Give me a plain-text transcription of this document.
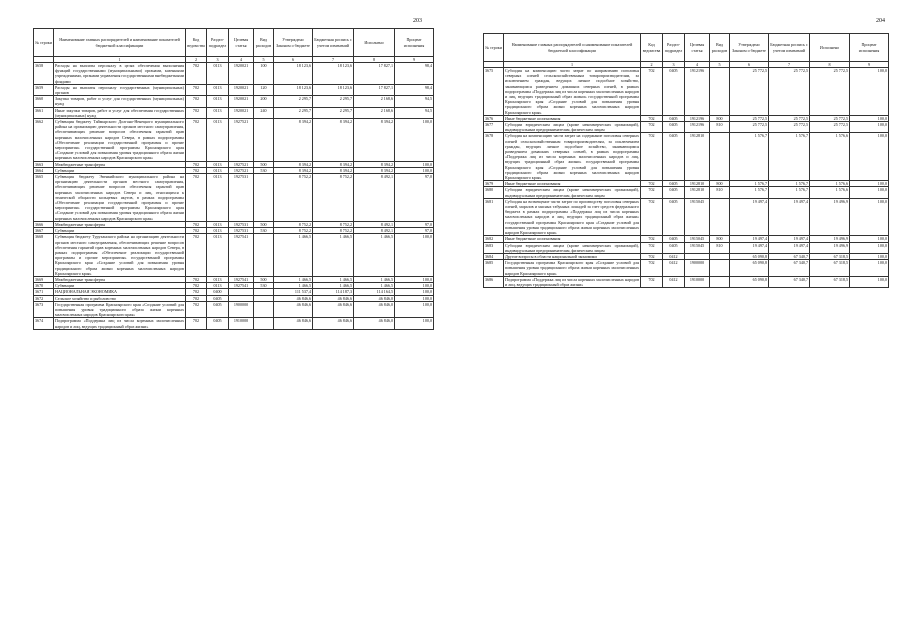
203
№ строки	Наименование главных распорядителей и наименование показателей бюджетной классификации	Код ведомства	Раздел-подраздел	Целевая статья	Вид расходов	Утверждено Законом о бюджете	Бюджетная роспись с учетом изменений	Исполнено	Процент исполнения
	1	2	3	4	5	6	7	8	9
3658	Расходы на выплаты персоналу в целях обеспечения выполнения функций государственными (муниципальными) органами, казенными учреждениями, органами управления государственными внебюджетными фондами	702	0113	1920021	100	18 123,6	18 123,6	17 827,1	98,4
3659	Расходы на выплаты персоналу государственных (муниципальных) органов	702	0113	1920021	120	18 123,6	18 123,6	17 827,1	98,4
3660	Закупка товаров, работ и услуг для государственных (муниципальных) нужд	702	0113	1920021	200	2 295,7	2 295,7	2 168,6	94,5
3661	Иные закупки товаров, работ и услуг для обеспечения государственных (муниципальных) нужд	702	0113	1920021	240	2 295,7	2 295,7	2 168,6	94,5
3662	Субвенция бюджету Таймырского Долгано-Ненецкого муниципального района на организацию деятельности органов местного самоуправления, обеспечивающих решение вопросов обеспечения гарантий прав коренных малочисленных народов Севера, в рамках подпрограммы «Обеспечение реализации государственной программы и прочие мероприятия» государственной программы Красноярского края «Создание условий для повышения уровня традиционного образа жизни коренных малочисленных народов Красноярского края»	702	0113	1927521		8 394,2	8 394,2	8 394,2	100,0
3663	Межбюджетные трансферты	702	0113	1927521	500	8 394,2	8 394,2	8 394,2	100,0
3664	Субвенции	702	0113	1927521	530	8 394,2	8 394,2	8 394,2	100,0
3665	Субвенция бюджету Эвенкийского муниципального района на организацию деятельности органов местного самоуправления, обеспечивающих решение вопросов обеспечения гарантий прав коренных малочисленных народов Севера и лиц, относящихся к этнической общности кольцевых якутов, в рамках подпрограммы «Обеспечение реализации государственной программы и прочие мероприятия» государственной программы Красноярского края «Создание условий для повышения уровня традиционного образа жизни коренных малочисленных народов Красноярского края»	702	0113	1927531		8 752,2	8 752,2	8 492,1	97,0
3666	Межбюджетные трансферты	702	0113	1927531	500	8 752,2	8 752,2	8 492,1	97,0
3667	Субвенции	702	0113	1927531	530	8 752,2	8 752,2	8 492,1	97,0
3668	Субвенция бюджету Туруханского района на организацию деятельности органов местного самоуправления, обеспечивающих решение вопросов обеспечения гарантий прав коренных малочисленных народов Севера, в рамках подпрограммы «Обеспечение реализации государственной программы и прочие мероприятия» государственной программы Красноярского края «Создание условий для повышения уровня традиционного образа жизни коренных малочисленных народов Красноярского края»	702	0113	1927541		1 466,5	1 466,5	1 466,5	100,0
3669	Межбюджетные трансферты	702	0113	1927541	500	1 466,5	1 466,5	1 466,5	100,0
3670	Субвенции	702	0113	1927541	530	1 466,5	1 466,5	1 466,5	100,0
3671	НАЦИОНАЛЬНАЯ ЭКОНОМИКА	702	0400			111 537,4	114 187,3	114 164,5	100,0
3672	Сельское хозяйство и рыболовство	702	0405			46 846,6	46 846,6	46 846,0	100,0
3673	Государственная программа Красноярского края «Создание условий для повышения уровня традиционного образа жизни коренных малочисленных народов Красноярского края»	702	0405	1900000		46 846,6	46 846,6	46 846,0	100,0
3674	Подпрограмма «Поддержка лиц из числа коренных малочисленных народов и лиц, ведущих традиционный образ жизни»	702	0405	1910000		46 846,6	46 846,6	46 846,0	100,0
204
№ строки	Наименование главных распорядителей и наименование показателей бюджетной классификации	Код ведомства	Раздел-подраздел	Целевая статья	Вид расходов	Утверждено Законом о бюджете	Бюджетная роспись с учетом изменений	Исполнено	Процент исполнения
	1	2	3	4	5	6	7	8	9
3675	Субсидия на компенсацию части затрат по направлению поголовья северных оленей сельскохозяйственным товаропроизводителям, за исключением граждан, ведущих личное подсобное хозяйство, занимающимся разведением домашних северных оленей, в рамках подпрограммы «Поддержка лиц из числа коренных малочисленных народов и лиц, ведущих традиционный образ жизни» государственной программы Красноярского края «Создание условий для повышения уровня традиционного образа жизни коренных малочисленных народов Красноярского края»	702	0405	1912196		25 772,5	25 772,5	25 772,5	100,0
3676	Иные бюджетные ассигнования	702	0405	1912196	800	25 772,5	25 772,5	25 772,5	100,0
3677	Субсидии юридическим лицам (кроме некоммерческих организаций), индивидуальным предпринимателям, физическим лицам	702	0405	1912196	810	25 772,5	25 772,5	25 772,5	100,0
3678	Субсидия на компенсацию части затрат на содержание поголовья северных оленей сельскохозяйственным товаропроизводителям, за исключением граждан, ведущих личное подсобное хозяйство, занимающимся разведением домашних северных оленей, в рамках подпрограммы «Поддержка лиц из числа коренных малочисленных народов и лиц, ведущих традиционный образ жизни» государственной программы Красноярского края «Создание условий для повышения уровня традиционного образа жизни коренных малочисленных народов Красноярского края»	702	0405	1912810		1 576,7	1 576,7	1 576,6	100,0
3679	Иные бюджетные ассигнования	702	0405	1912810	800	1 576,7	1 576,7	1 576,6	100,0
3680	Субсидии юридическим лицам (кроме некоммерческих организаций), индивидуальным предпринимателям, физическим лицам	702	0405	1912810	810	1 576,7	1 576,7	1 576,6	100,0
3681	Субсидия на возмещение части затрат по производству поголовья северных оленей, маралов и мясных табунных лошадей за счет средств федерального бюджета в рамках подпрограммы «Поддержка лиц из числа коренных малочисленных народов и лиц, ведущих традиционный образ жизни» государственной программы Красноярского края «Создание условий для повышения уровня традиционного образа жизни коренных малочисленных народов Красноярского края»	702	0405	1915045		19 497,4	19 497,4	19 496,9	100,0
3682	Иные бюджетные ассигнования	702	0405	1915045	800	19 497,4	19 497,4	19 496,9	100,0
3683	Субсидии юридическим лицам (кроме некоммерческих организаций), индивидуальным предпринимателям, физическим лицам	702	0405	1915045	810	19 497,4	19 497,4	19 496,9	100,0
3684	Другие вопросы в области национальной экономики	702	0412			65 090,8	67 340,7	67 318,5	100,0
3685	Государственная программа Красноярского края «Создание условий для повышения уровня традиционного образа жизни коренных малочисленных народов Красноярского края»	702	0412	1900000		65 090,8	67 340,7	67 318,5	100,0
3686	Подпрограмма «Поддержка лиц из числа коренных малочисленных народов и лиц, ведущих традиционный образ жизни»	702	0412	1910000		65 090,8	67 340,7	67 318,5	100,0
